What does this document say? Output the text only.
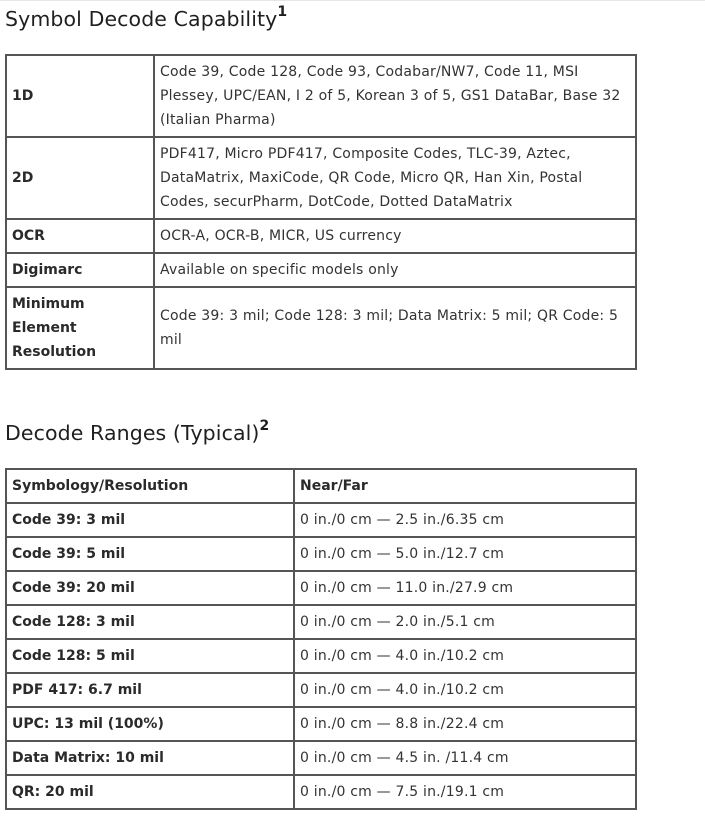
Symbol Decode Capability$^1$
1D	Code 39, Code 128, Code 93, Codabar/NW7, Code 11, MSI Plessey, UPC/EAN, I 2 of 5, Korean 3 of 5, GS1 DataBar, Base 32 (Italian Pharma)
2D	PDF417, Micro PDF417, Composite Codes, TLC-39, Aztec, DataMatrix, MaxiCode, QR Code, Micro QR, Han Xin, Postal Codes, securPharm, DotCode, Dotted DataMatrix
OCR	OCR-A, OCR-B, MICR, US currency
Digimarc	Available on specific models only
Minimum Element Resolution	Code 39: 3 mil; Code 128: 3 mil; Data Matrix: 5 mil; QR Code: 5 mil
Decode Ranges (Typical)$^2$
Symbology/Resolution	Near/Far
Code 39: 3 mil	0 in./0 cm — 2.5 in./6.35 cm
Code 39: 5 mil	0 in./0 cm — 5.0 in./12.7 cm
Code 39: 20 mil	0 in./0 cm — 11.0 in./27.9 cm
Code 128: 3 mil	0 in./0 cm — 2.0 in./5.1 cm
Code 128: 5 mil	0 in./0 cm — 4.0 in./10.2 cm
PDF 417: 6.7 mil	0 in./0 cm — 4.0 in./10.2 cm
UPC: 13 mil (100%)	0 in./0 cm — 8.8 in./22.4 cm
Data Matrix: 10 mil	0 in./0 cm — 4.5 in. /11.4 cm
QR: 20 mil	0 in./0 cm — 7.5 in./19.1 cm
